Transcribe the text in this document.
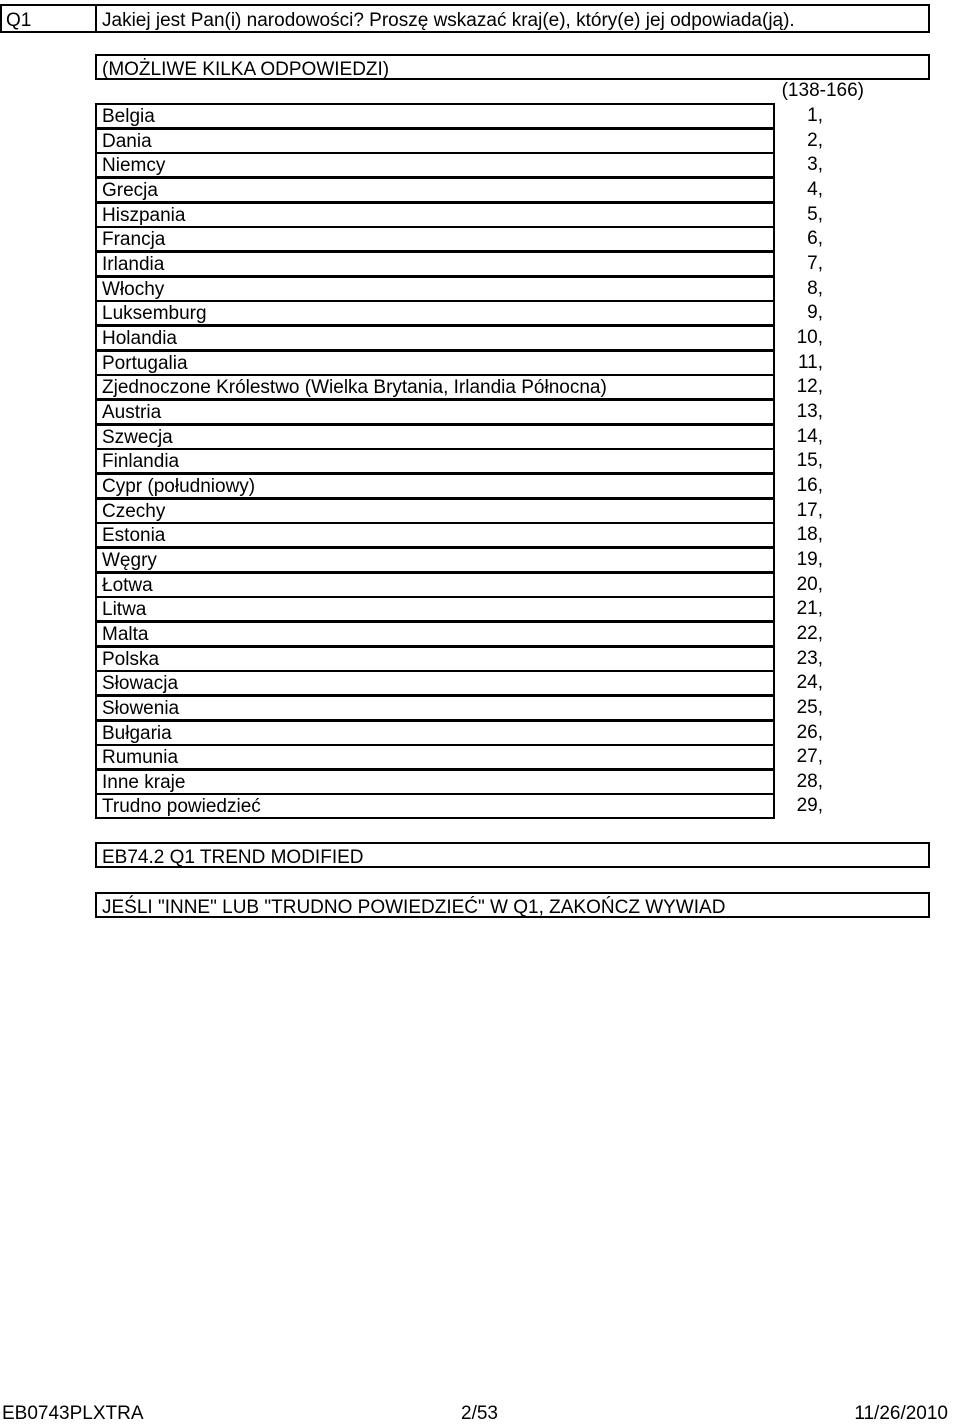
Q1	Jakiej jest Pan(i) narodowości? Proszę wskazać kraj(e), który(e) jej odpowiada(ją).
(MOŻLIWE KILKA ODPOWIEDZI)
(138-166)
Belgia	1,
Dania	2,
Niemcy	3,
Grecja	4,
Hiszpania	5,
Francja	6,
Irlandia	7,
Włochy	8,
Luksemburg	9,
Holandia	10,
Portugalia	11,
Zjednoczone Królestwo (Wielka Brytania, Irlandia Północna)	12,
Austria	13,
Szwecja	14,
Finlandia	15,
Cypr (południowy)	16,
Czechy	17,
Estonia	18,
Węgry	19,
Łotwa	20,
Litwa	21,
Malta	22,
Polska	23,
Słowacja	24,
Słowenia	25,
Bułgaria	26,
Rumunia	27,
Inne kraje	28,
Trudno powiedzieć	29,
EB74.2 Q1 TREND MODIFIED
JEŚLI "INNE" LUB "TRUDNO POWIEDZIEĆ" W Q1, ZAKOŃCZ WYWIAD
EB0743PLXTRA	2/53	11/26/2010
